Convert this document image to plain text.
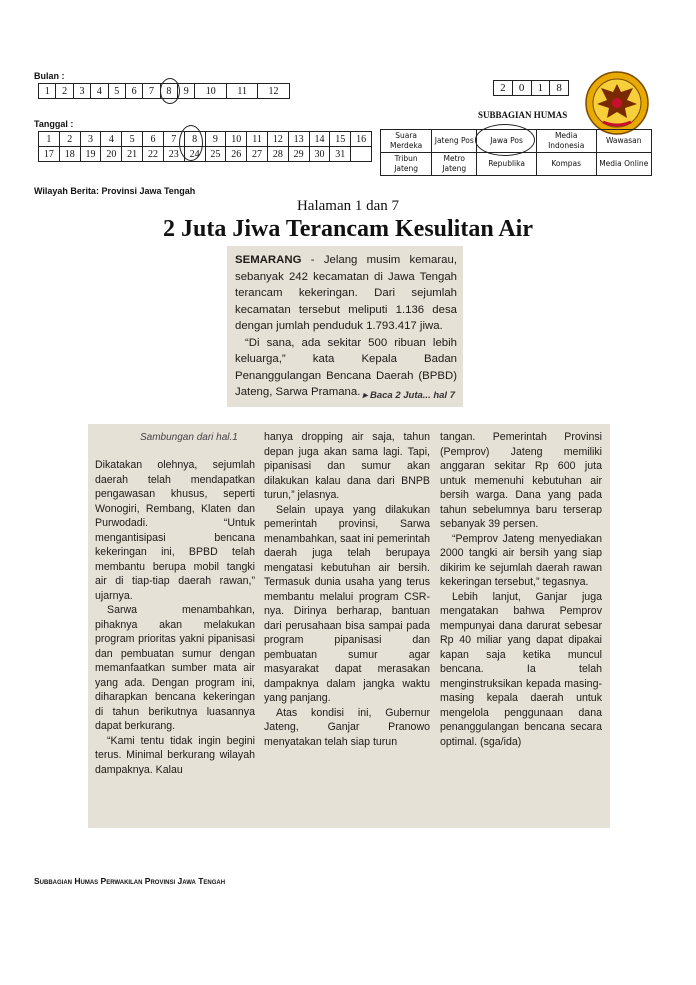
Bulan :
1	2	3	4	5	6	7	8	9	10	11	12
Tanggal :
1	2	3	4	5	6	7	8	9	10	11	12	13	14	15	16
17	18	19	20	21	22	23	24	25	26	27	28	29	30	31	
2	0	1	8
SUBBAGIAN HUMAS
Suara Merdeka	Jateng Pos	Jawa Pos	Media Indonesia	Wawasan
Tribun Jateng	Metro Jateng	Republika	Kompas	Media Online
Wilayah Berita: Provinsi Jawa Tengah
Halaman 1 dan 7
2 Juta Jiwa Terancam Kesulitan Air
SEMARANG - Jelang musim kemarau, sebanyak 242 kecamatan di Jawa Tengah terancam kekeringan. Dari sejumlah kecamatan tersebut meliputi 1.136 desa dengan jumlah penduduk 1.793.417 jiwa.
“Di sana, ada sekitar 500 ribuan lebih keluarga,” kata Kepala Badan Penanggulangan Bencana Daerah (BPBD) Jateng, Sarwa Pramana. ▸ Baca 2 Juta... hal 7
Sambungan dari hal.1

Dikatakan olehnya, sejumlah daerah telah mendapatkan pengawasan khusus, seperti Wonogiri, Rembang, Klaten dan Purwodadi. “Untuk mengantisipasi bencana kekeringan ini, BPBD telah membantu berupa mobil tangki air di tiap-tiap daerah rawan,” ujarnya.

Sarwa menambahkan, pihaknya akan melakukan program prioritas yakni pipanisasi dan pembuatan sumur dengan memanfaatkan sumber mata air yang ada. Dengan program ini, diharapkan bencana kekeringan di tahun berikutnya luasannya dapat berkurang.

“Kami tentu tidak ingin begini terus. Minimal berkurang wilayah dampaknya. Kalau

hanya dropping air saja, tahun depan juga akan sama lagi. Tapi, pipanisasi dan sumur akan dilakukan kalau dana dari BNPB turun,” jelasnya.

Selain upaya yang dilakukan pemerintah provinsi, Sarwa menambahkan, saat ini pemerintah daerah juga telah berupaya mengatasi kebutuhan air bersih. Termasuk dunia usaha yang terus membantu melalui program CSR-nya. Dirinya berharap, bantuan dari perusahaan bisa sampai pada program pipanisasi dan pembuatan sumur agar masyarakat dapat merasakan dampaknya dalam jangka waktu yang panjang.

Atas kondisi ini, Gubernur Jateng, Ganjar Pranowo menyatakan telah siap turun

tangan. Pemerintah Provinsi (Pemprov) Jateng memiliki anggaran sekitar Rp 600 juta untuk memenuhi kebutuhan air bersih warga. Dana yang pada tahun sebelumnya baru terserap sebanyak 39 persen.

“Pemprov Jateng menyediakan 2000 tangki air bersih yang siap dikirim ke sejumlah daerah rawan kekeringan tersebut,” tegasnya.

Lebih lanjut, Ganjar juga mengatakan bahwa Pemprov mempunyai dana darurat sebesar Rp 40 miliar yang dapat dipakai kapan saja ketika muncul bencana. Ia telah menginstruksikan kepada masing-masing kepala daerah untuk mengelola penggunaan dana penanggulangan bencana secara optimal. (sga/ida)

Subbagian Humas Perwakilan Provinsi Jawa Tengah
